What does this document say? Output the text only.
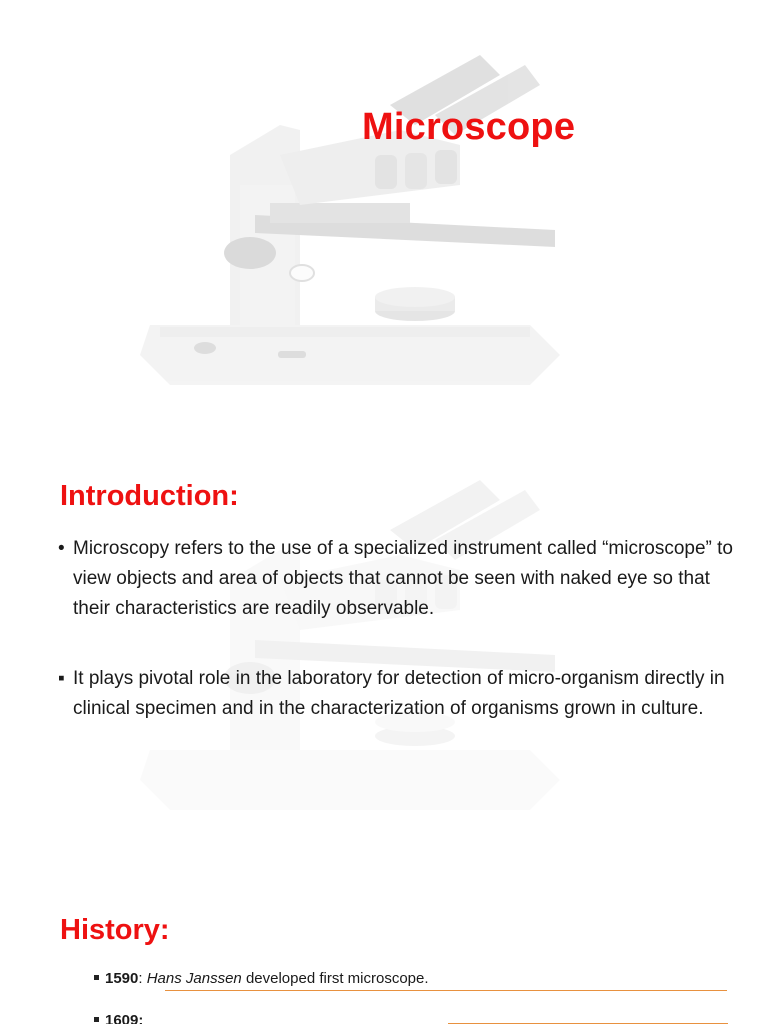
Microscope
Introduction:
• Microscopy refers to the use of a specialized instrument called “microscope” to view objects and area of objects that cannot be seen with naked eye so that their characteristics are readily observable.
▪ It plays pivotal role in the laboratory for detection of micro-organism directly in clinical specimen and in the characterization of organisms grown in culture.
History:
1590: Hans Janssen developed first microscope.
1609:
